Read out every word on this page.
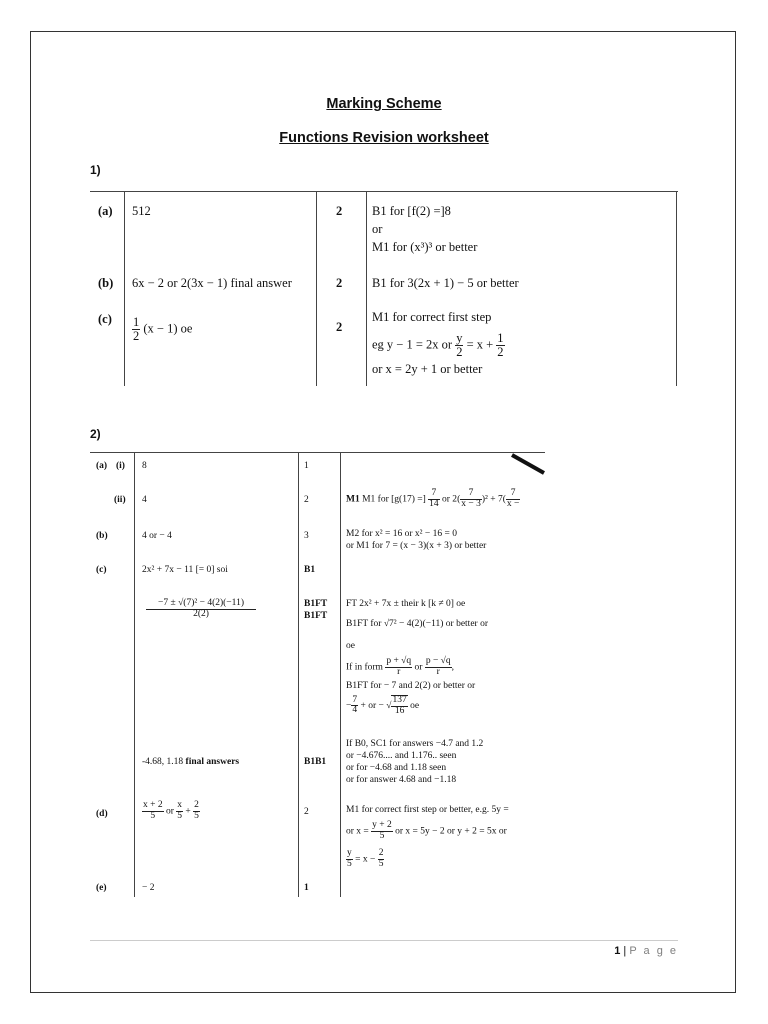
Marking Scheme
Functions Revision worksheet
1)
(a) 512	2 B1 for [f(2) =]8
or
M1 for (x³)³ or better
(b) 6x − 2 or 2(3x − 1) final answer	2 B1 for 3(2x + 1) − 5 or better
$(c) \frac{1}{2} (x - 1)$ oe	2
M1 for correct first step
eg y − 1 = 2x or $\frac{y}{2} = x + \frac{1}{2}$
or x = 2y + 1 or better
2)
(a) (i) 8	1
(ii) 4	2	M1 M1 for [g(17) =] $\frac{7}{14}$ or $2( \frac{7}{x - 3} )^2 + 7( \frac{7}{x -}$
(b)	4 or − 4	3	M2 for x² = 16 or x² − 16 = 0
or M1 for 7 = (x − 3)(x + 3) or better
(c)	2x² + 7x − 11 [= 0] soi	B1
$\frac{\text{−7 ± √(7)² − 4(2)(−11)}}{2(2)}$	B1FT
B1FT
FT 2x² + 7x ± their k [k ≠ 0] oe
B1FT for √7² − 4(2)(−11) or better or
oe
If in form $\frac{p + √q}{r}$ or $\frac{p - √q}{r}$ ,
B1FT for − 7 and 2(2) or better or
− $\frac{7}{4}$ + or − √ $\frac{137}{16}$ oe
-4.68, 1.18 final answers	B1B1
If B0, SC1 for answers −4.7 and 1.2
or −4.676.... and 1.176.. seen
or for −4.68 and 1.18 seen
or for answer 4.68 and −1.18
(d)	$\frac{x + 2}{5}$ or $\frac{x}{5} + \frac{2}{5}$	2	M1 for correct first step or better, e.g. 5y =
or $x = \frac{y + 2}{5}$ or x = 5y − 2 or y + 2 = 5x or
$\frac{y}{5} = x - \frac{2}{5}$
(e)	− 2	1
1 | P a g e
